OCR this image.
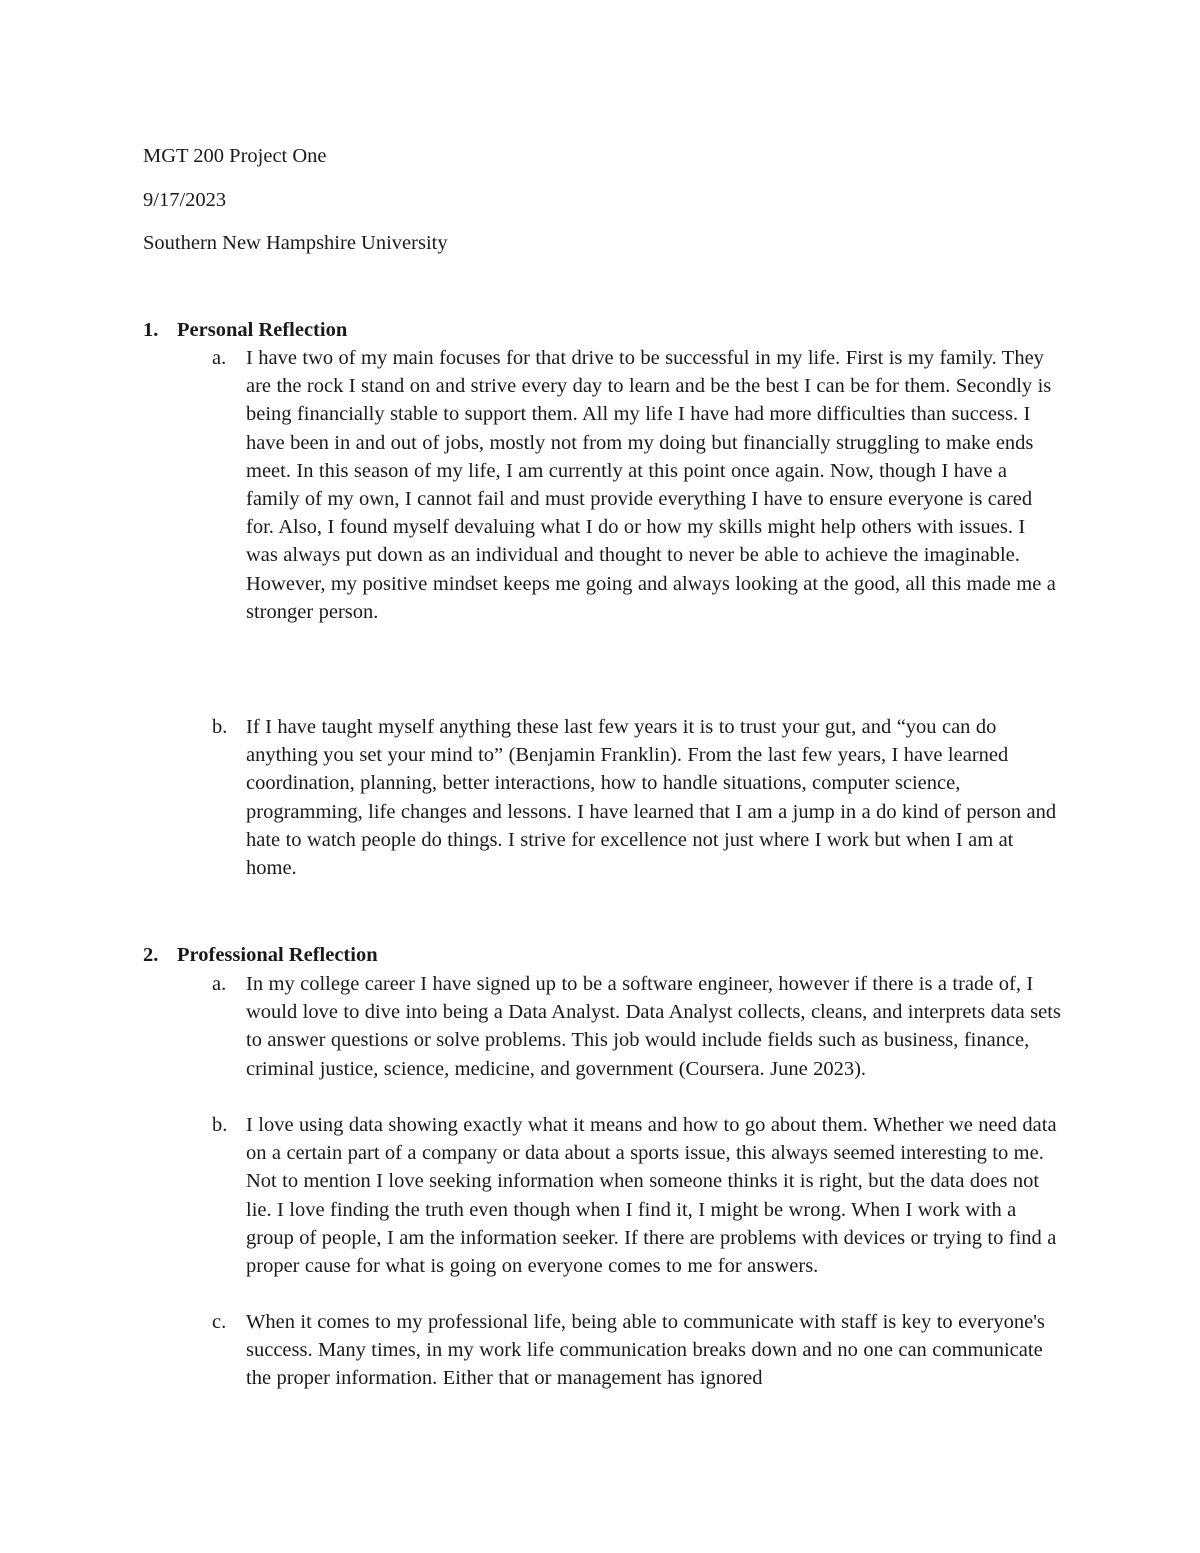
MGT 200 Project One
9/17/2023
Southern New Hampshire University
1. Personal Reflection
a. I have two of my main focuses for that drive to be successful in my life. First is my family. They are the rock I stand on and strive every day to learn and be the best I can be for them. Secondly is being financially stable to support them. All my life I have had more difficulties than success. I have been in and out of jobs, mostly not from my doing but financially struggling to make ends meet. In this season of my life, I am currently at this point once again. Now, though I have a family of my own, I cannot fail and must provide everything I have to ensure everyone is cared for. Also, I found myself devaluing what I do or how my skills might help others with issues. I was always put down as an individual and thought to never be able to achieve the imaginable. However, my positive mindset keeps me going and always looking at the good, all this made me a stronger person.
b. If I have taught myself anything these last few years it is to trust your gut, and “you can do anything you set your mind to” (Benjamin Franklin). From the last few years, I have learned coordination, planning, better interactions, how to handle situations, computer science, programming, life changes and lessons. I have learned that I am a jump in a do kind of person and hate to watch people do things. I strive for excellence not just where I work but when I am at home.
2. Professional Reflection
a. In my college career I have signed up to be a software engineer, however if there is a trade of, I would love to dive into being a Data Analyst. Data Analyst collects, cleans, and interprets data sets to answer questions or solve problems. This job would include fields such as business, finance, criminal justice, science, medicine, and government (Coursera. June 2023).
b. I love using data showing exactly what it means and how to go about them. Whether we need data on a certain part of a company or data about a sports issue, this always seemed interesting to me. Not to mention I love seeking information when someone thinks it is right, but the data does not lie. I love finding the truth even though when I find it, I might be wrong. When I work with a group of people, I am the information seeker. If there are problems with devices or trying to find a proper cause for what is going on everyone comes to me for answers.
c. When it comes to my professional life, being able to communicate with staff is key to everyone's success. Many times, in my work life communication breaks down and no one can communicate the proper information. Either that or management has ignored
